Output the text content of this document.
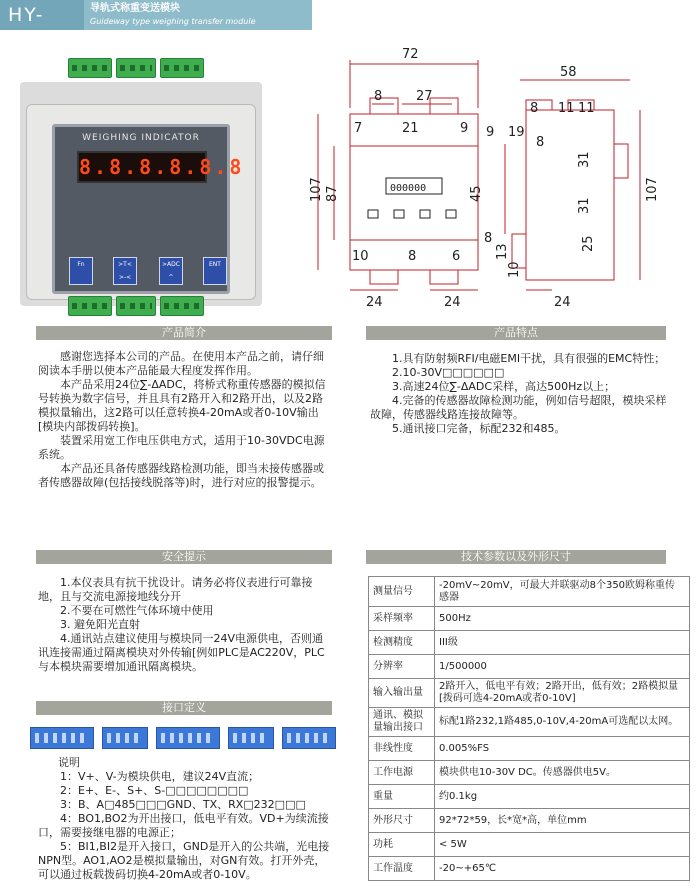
HY-XSB
导轨式称重变送模块
Guideway type weighing transfer module
WEIGHING INDICATOR
8.8.8.8.8.8
Fn	>T< >-<
>ADC ^
ENT
72
8	27
7	21	9
107 87
10	8	6
24	24
58
8 11 11
9 19
8
45
31
31
107
25
8
13
10
24
000000
产品简介	产品特点
安全提示	技术参数以及外形尺寸
接口定义

感谢您选择本公司的产品。在使用本产品之前，请仔细阅读本手册以使本产品能最大程度发挥作用。

本产品采用24位∑-ΔADC，将桥式称重传感器的模拟信号转换为数字信号，并且具有2路开入和2路开出，以及2路模拟量输出，这2路可以任意转换4-20mA或者0-10V输出[模块内部拨码转换]。

装置采用宽工作电压供电方式，适用于10-30VDC电源系统。

本产品还具备传感器线路检测功能，即当未接传感器或者传感器故障(包括接线脱落等)时，进行对应的报警提示。

1.具有防射频RFI/电磁EMI干扰，具有很强的EMC特性；

2.10-30V□□□□□□

3.高速24位∑-ΔADC采样，高达500Hz以上；

4.完备的传感器故障检测功能，例如信号超限，模块采样故障，传感器线路连接故障等。

5.通讯接口完备，标配232和485。

1.本仪表具有抗干扰设计。请务必将仪表进行可靠接地，且与交流电源接地线分开

2.不要在可燃性气体环境中使用

3. 避免阳光直射

4.通讯站点建议使用与模块同一24V电源供电，否则通讯连接需通过隔离模块对外传输[例如PLC是AC220V，PLC与本模块需要增加通讯隔离模块。

说明

1：V+、V-为模块供电，建议24V直流；

2：E+、E-、S+、S-□□□□□□□□

3：B、A□485□□□GND、TX、RX□232□□□

4：BO1,BO2为开出接口，低电平有效。VD+为续流接口，需要接继电器的电源正；

5：BI1,BI2是开入接口，GND是开入的公共端，光电接NPN型。AO1,AO2是模拟量输出，对GN有效。打开外壳，可以通过板载拨码切换4-20mA或者0-10V。

测量信号	-20mV~20mV，可最大并联驱动8个350欧姆称重传感器
采样频率	500Hz
检测精度	III级
分辨率	1/500000
输入输出量	2路开入，低电平有效；2路开出，低有效；2路模拟量[拨码可选4-20mA或者0-10V]
通讯、模拟量输出接口	标配1路232,1路485,0-10V,4-20mA可选配以太网。
非线性度	0.005%FS
工作电源	模块供电10-30V DC。传感器供电5V。
重量	约0.1kg
外形尺寸	92*72*59，长*宽*高，单位mm
功耗	< 5W
工作温度	-20~+65℃
